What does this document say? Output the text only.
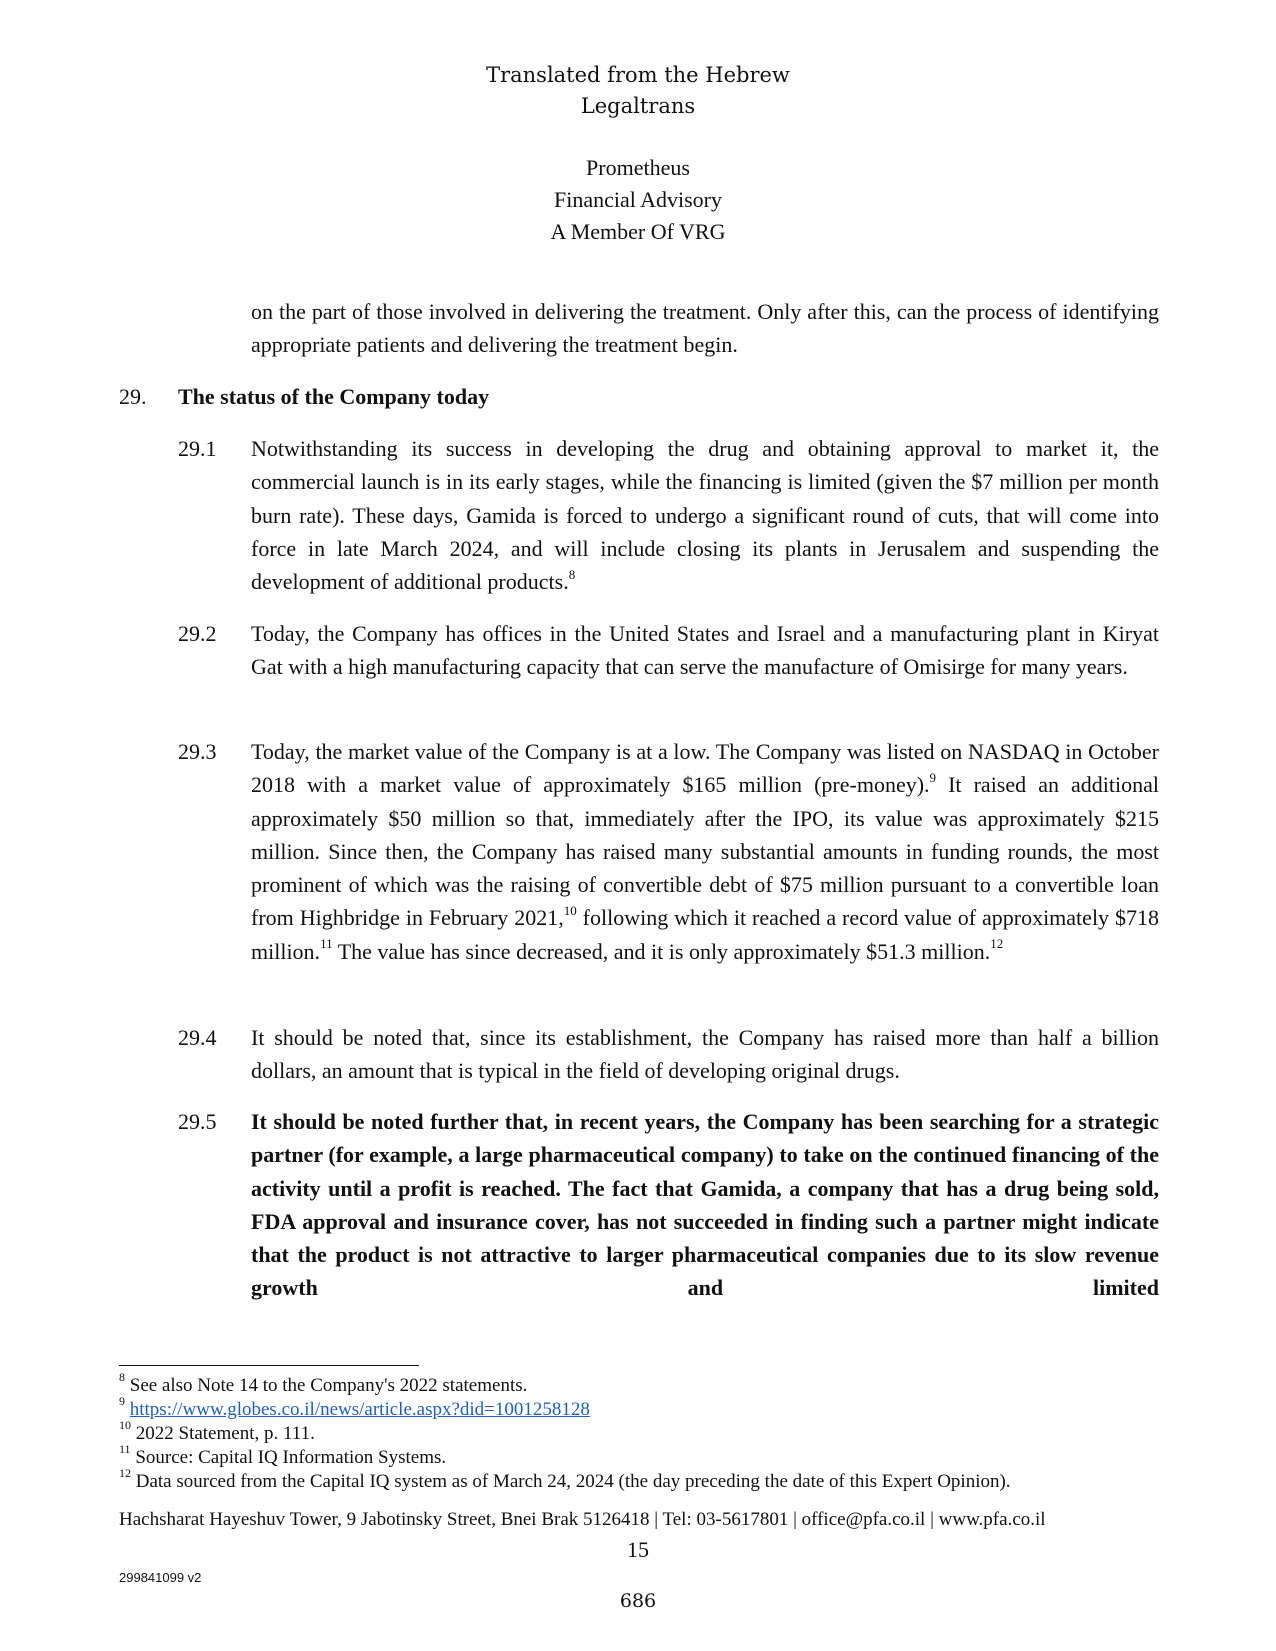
Translated from the Hebrew
Legaltrans
Prometheus
Financial Advisory
A Member Of VRG
on the part of those involved in delivering the treatment. Only after this, can the process of identifying appropriate patients and delivering the treatment begin.
29. The status of the Company today
29.1 Notwithstanding its success in developing the drug and obtaining approval to market it, the commercial launch is in its early stages, while the financing is limited (given the $7 million per month burn rate). These days, Gamida is forced to undergo a significant round of cuts, that will come into force in late March 2024, and will include closing its plants in Jerusalem and suspending the development of additional products.$^8$
29.2 Today, the Company has offices in the United States and Israel and a manufacturing plant in Kiryat Gat with a high manufacturing capacity that can serve the manufacture of Omisirge for many years.
29.3 Today, the market value of the Company is at a low. The Company was listed on NASDAQ in October 2018 with a market value of approximately $165 million (pre-money).$^9$ It raised an additional approximately $50 million so that, immediately after the IPO, its value was approximately $215 million. Since then, the Company has raised many substantial amounts in funding rounds, the most prominent of which was the raising of convertible debt of $75 million pursuant to a convertible loan from Highbridge in February 2021,10 following which it reached a record value of approximately $718 million.$^{11}$ The value has since decreased, and it is only approximately $51.3 million.$^{12}$
29.4 It should be noted that, since its establishment, the Company has raised more than half a billion dollars, an amount that is typical in the field of developing original drugs.
29.5 It should be noted further that, in recent years, the Company has been searching for a strategic partner (for example, a large pharmaceutical company) to take on the continued financing of the activity until a profit is reached. The fact that Gamida, a company that has a drug being sold, FDA approval and insurance cover, has not succeeded in finding such a partner might indicate that the product is not attractive to larger pharmaceutical companies due to its slow revenue growth and limited
$^8$ See also Note 14 to the Company's 2022 statements.
$^9$ https://www.globes.co.il/news/article.aspx?did=1001258128
$^{10}$ 2022 Statement, p. 111.
$^{11}$ Source: Capital IQ Information Systems.
$^{12}$ Data sourced from the Capital IQ system as of March 24, 2024 (the day preceding the date of this Expert Opinion).
Hachsharat Hayeshuv Tower, 9 Jabotinsky Street, Bnei Brak 5126418 | Tel: 03-5617801 | office@pfa.co.il | www.pfa.co.il
15
299841099 v2
686
